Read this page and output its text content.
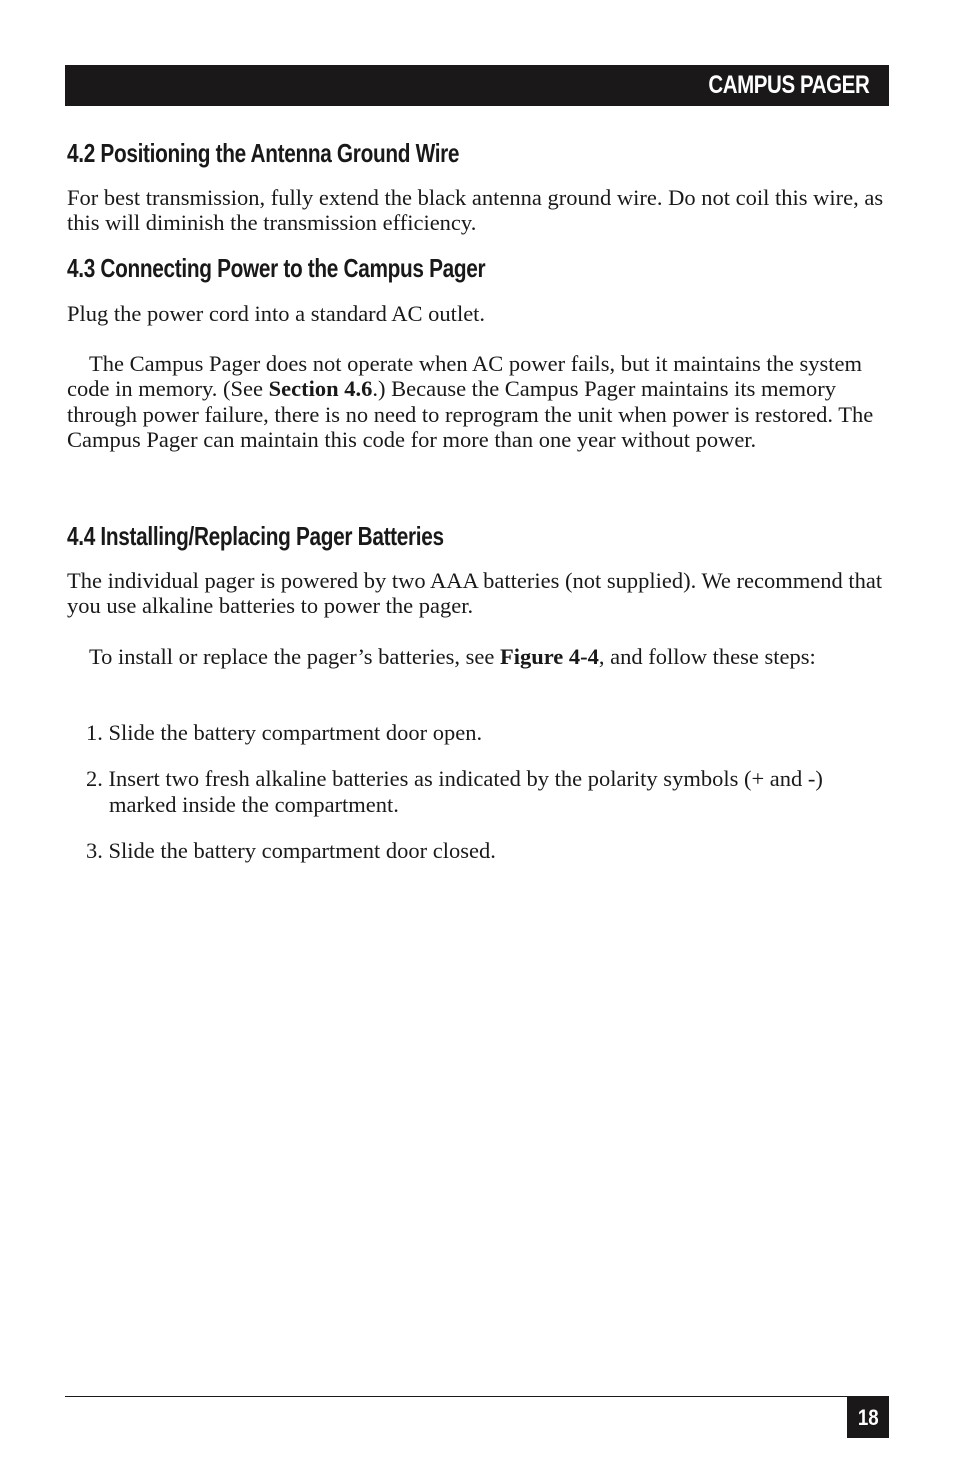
CAMPUS PAGER
4.2 Positioning the Antenna Ground Wire

For best transmission, fully extend the black antenna ground wire. Do not coil this wire, as this will diminish the transmission efficiency.

4.3 Connecting Power to the Campus Pager

Plug the power cord into a standard AC outlet.

The Campus Pager does not operate when AC power fails, but it maintains the system code in memory. (See Section 4.6.) Because the Campus Pager maintains its memory through power failure, there is no need to reprogram the unit when power is restored. The Campus Pager can maintain this code for more than one year without power.

4.4 Installing/Replacing Pager Batteries

The individual pager is powered by two AAA batteries (not supplied). We recommend that you use alkaline batteries to power the pager.

To install or replace the pager’s batteries, see Figure 4-4, and follow these steps:

1. Slide the battery compartment door open.
2. Insert two fresh alkaline batteries as indicated by the polarity symbols (+ and -) marked inside the compartment.
3. Slide the battery compartment door closed.
18
